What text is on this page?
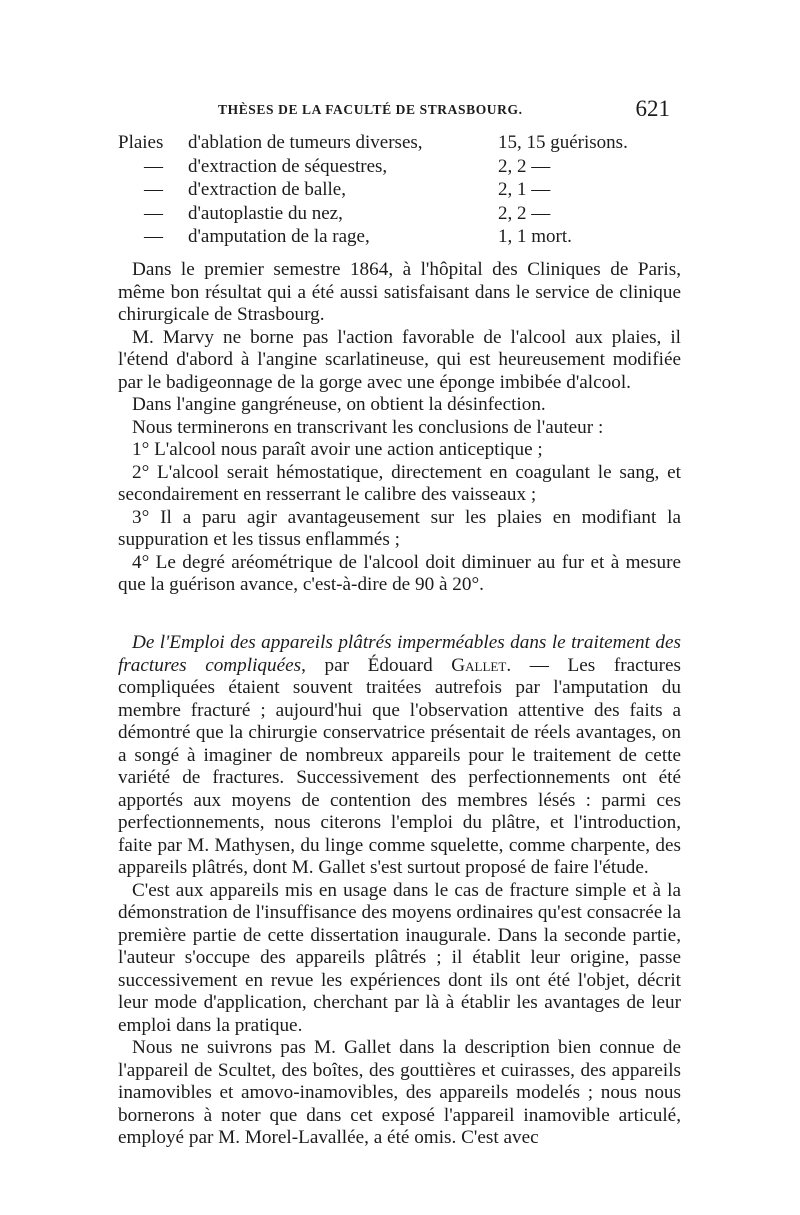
THÈSES DE LA FACULTÉ DE STRASBOURG.	621
Plaies d'ablation de tumeurs diverses,	15, 15 guérisons.
— d'extraction de séquestres,	2, 2 —
— d'extraction de balle,	2, 1 —
— d'autoplastie du nez,	2, 2 —
— d'amputation de la rage,	1, 1 mort.

Dans le premier semestre 1864, à l'hôpital des Cliniques de Paris, même bon résultat qui a été aussi satisfaisant dans le service de clinique chirurgicale de Strasbourg.

M. Marvy ne borne pas l'action favorable de l'alcool aux plaies, il l'étend d'abord à l'angine scarlatineuse, qui est heureusement modifiée par le badigeonnage de la gorge avec une éponge imbibée d'alcool.

Dans l'angine gangréneuse, on obtient la désinfection.

Nous terminerons en transcrivant les conclusions de l'auteur :

1° L'alcool nous paraît avoir une action anticeptique ;

2° L'alcool serait hémostatique, directement en coagulant le sang, et secondairement en resserrant le calibre des vaisseaux ;

3° Il a paru agir avantageusement sur les plaies en modifiant la suppuration et les tissus enflammés ;

4° Le degré aréométrique de l'alcool doit diminuer au fur et à mesure que la guérison avance, c'est-à-dire de 90 à 20°.

De l'Emploi des appareils plâtrés imperméables dans le traitement des fractures compliquées, par Édouard Gallet. — Les fractures compliquées étaient souvent traitées autrefois par l'amputation du membre fracturé ; aujourd'hui que l'observation attentive des faits a démontré que la chirurgie conservatrice présentait de réels avantages, on a songé à imaginer de nombreux appareils pour le traitement de cette variété de fractures. Successivement des perfectionnements ont été apportés aux moyens de contention des membres lésés : parmi ces perfectionnements, nous citerons l'emploi du plâtre, et l'introduction, faite par M. Mathysen, du linge comme squelette, comme charpente, des appareils plâtrés, dont M. Gallet s'est surtout proposé de faire l'étude.

C'est aux appareils mis en usage dans le cas de fracture simple et à la démonstration de l'insuffisance des moyens ordinaires qu'est consacrée la première partie de cette dissertation inaugurale. Dans la seconde partie, l'auteur s'occupe des appareils plâtrés ; il établit leur origine, passe successivement en revue les expériences dont ils ont été l'objet, décrit leur mode d'application, cherchant par là à établir les avantages de leur emploi dans la pratique.

Nous ne suivrons pas M. Gallet dans la description bien connue de l'appareil de Scultet, des boîtes, des gouttières et cuirasses, des appareils inamovibles et amovo-inamovibles, des appareils modelés ; nous nous bornerons à noter que dans cet exposé l'appareil inamovible articulé, employé par M. Morel-Lavallée, a été omis. C'est avec
